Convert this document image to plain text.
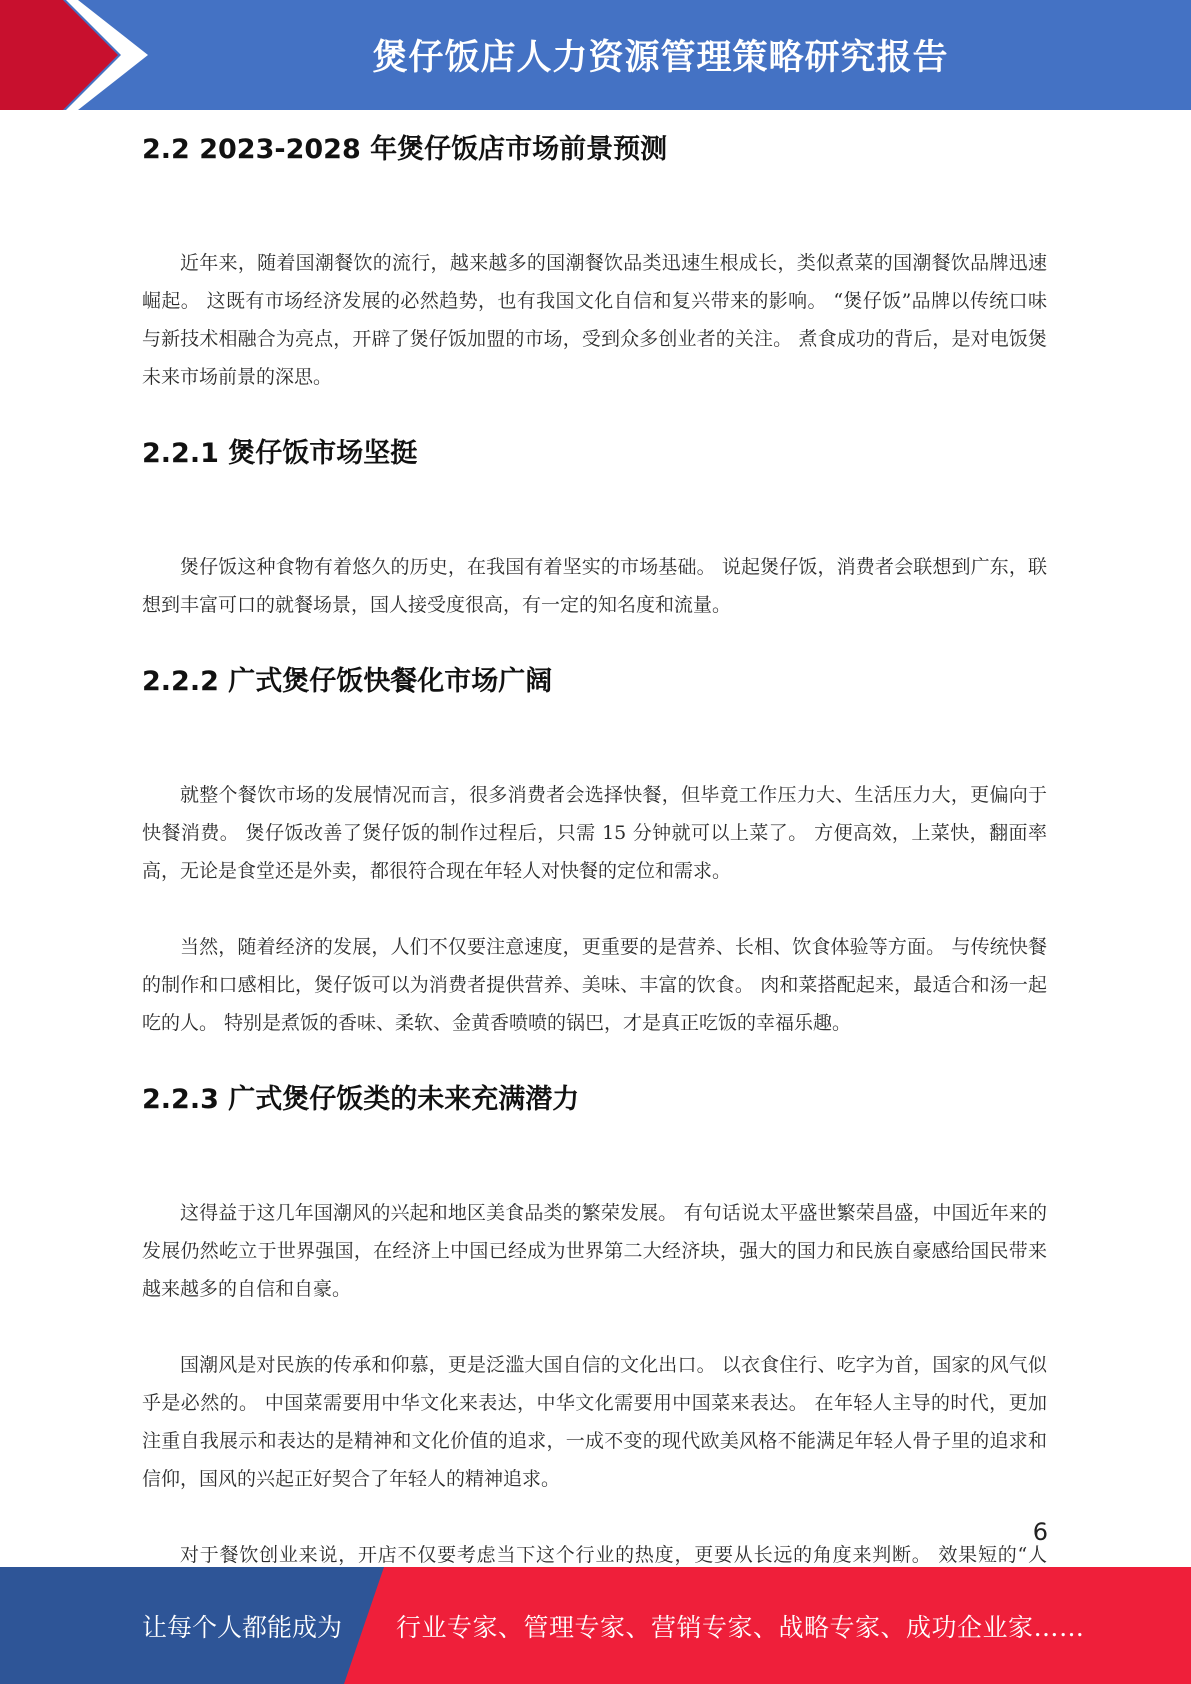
煲仔饭店人力资源管理策略研究报告
2.2 2023-2028 年煲仔饭店市场前景预测

近年来，随着国潮餐饮的流行，越来越多的国潮餐饮品类迅速生根成长，类似煮菜的国潮餐饮品牌迅速崛起。 这既有市场经济发展的必然趋势，也有我国文化自信和复兴带来的影响。 “煲仔饭”品牌以传统口味与新技术相融合为亮点，开辟了煲仔饭加盟的市场，受到众多创业者的关注。 煮食成功的背后，是对电饭煲未来市场前景的深思。

2.2.1 煲仔饭市场坚挺

煲仔饭这种食物有着悠久的历史，在我国有着坚实的市场基础。 说起煲仔饭，消费者会联想到广东，联想到丰富可口的就餐场景，国人接受度很高，有一定的知名度和流量。

2.2.2 广式煲仔饭快餐化市场广阔

就整个餐饮市场的发展情况而言，很多消费者会选择快餐，但毕竟工作压力大、生活压力大，更偏向于快餐消费。 煲仔饭改善了煲仔饭的制作过程后，只需 15 分钟就可以上菜了。 方便高效，上菜快，翻面率高，无论是食堂还是外卖，都很符合现在年轻人对快餐的定位和需求。

当然，随着经济的发展，人们不仅要注意速度，更重要的是营养、长相、饮食体验等方面。 与传统快餐的制作和口感相比，煲仔饭可以为消费者提供营养、美味、丰富的饮食。 肉和菜搭配起来，最适合和汤一起吃的人。 特别是煮饭的香味、柔软、金黄香喷喷的锅巴，才是真正吃饭的幸福乐趣。

2.2.3 广式煲仔饭类的未来充满潜力

这得益于这几年国潮风的兴起和地区美食品类的繁荣发展。 有句话说太平盛世繁荣昌盛，中国近年来的发展仍然屹立于世界强国，在经济上中国已经成为世界第二大经济块，强大的国力和民族自豪感给国民带来越来越多的自信和自豪。

国潮风是对民族的传承和仰慕，更是泛滥大国自信的文化出口。 以衣食住行、吃字为首，国家的风气似乎是必然的。 中国菜需要用中华文化来表达，中华文化需要用中国菜来表达。 在年轻人主导的时代，更加注重自我展示和表达的是精神和文化价值的追求，一成不变的现代欧美风格不能满足年轻人骨子里的追求和信仰，国风的兴起正好契合了年轻人的精神追求。

对于餐饮创业来说，开店不仅要考虑当下这个行业的热度，更要从长远的角度来判断。 效果短的“人

6
让每个人都能成为 行业专家、管理专家、营销专家、战略专家、成功企业家……
